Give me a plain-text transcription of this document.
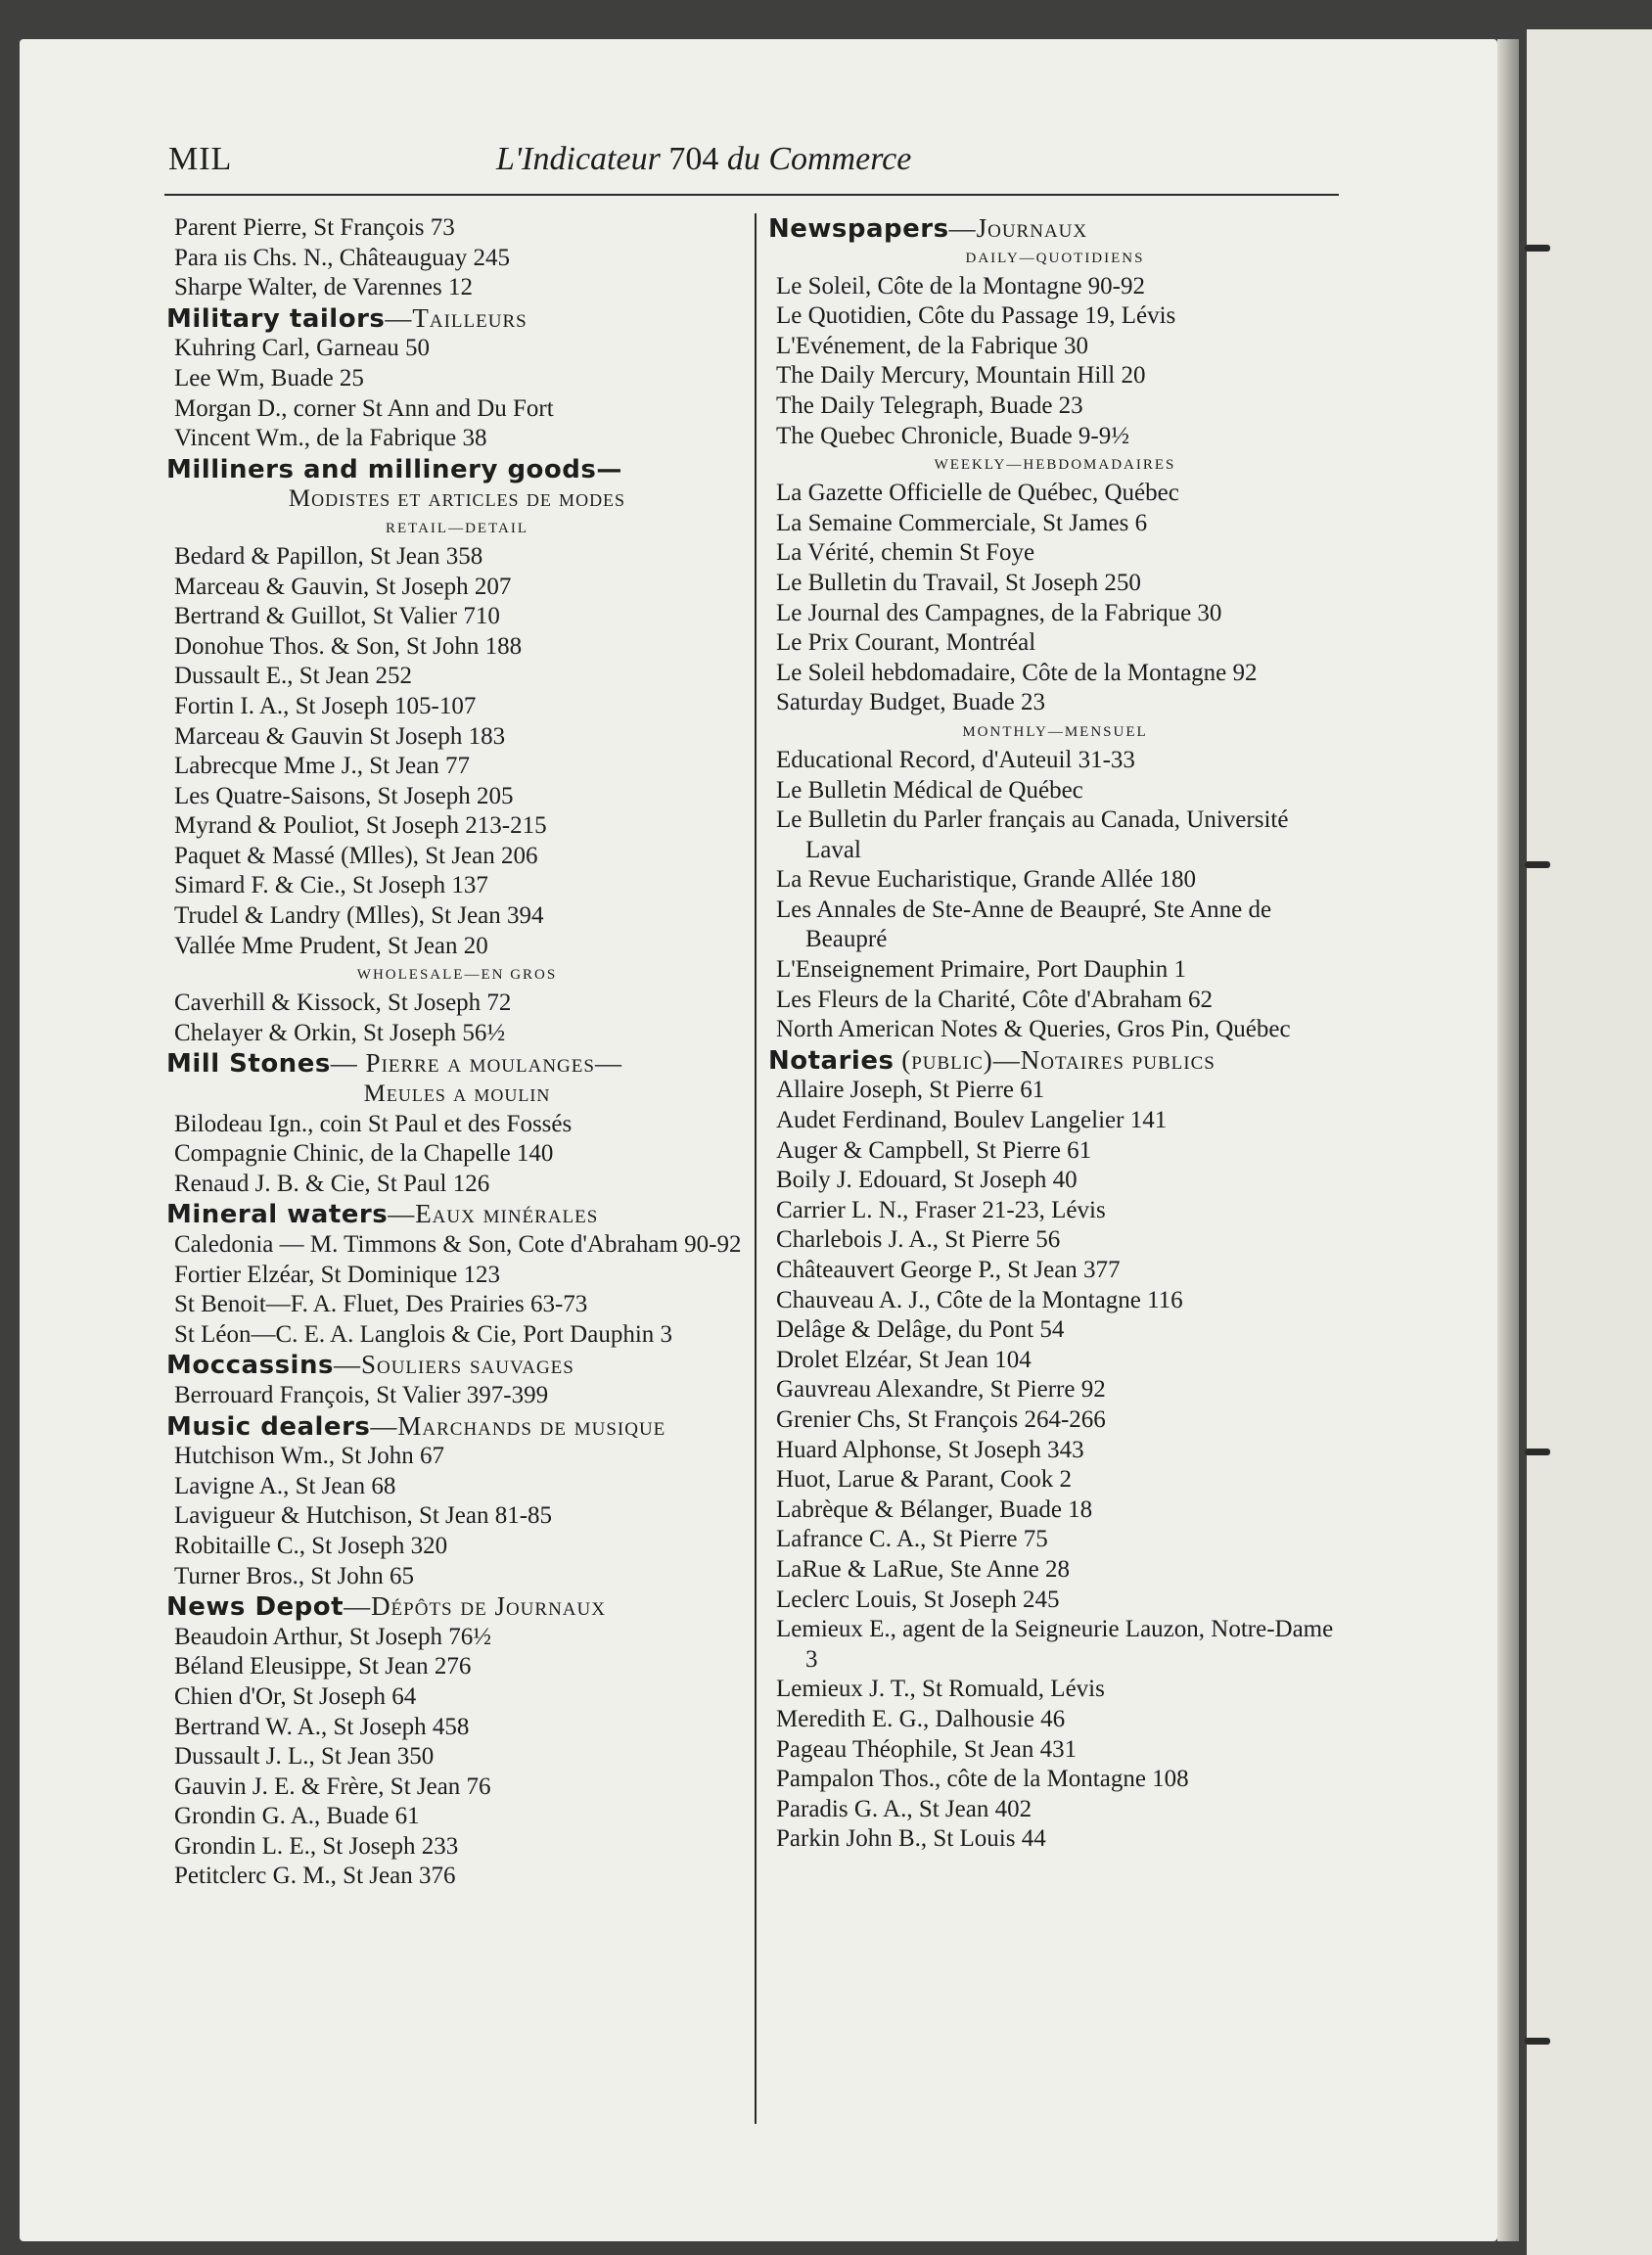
MIL	L'Indicateur 704 du Commerce
Parent Pierre, St François 73
Para ıis Chs. N., Châteauguay 245
Sharpe Walter, de Varennes 12
Military tailors—Tailleurs
Kuhring Carl, Garneau 50
Lee Wm, Buade 25
Morgan D., corner St Ann and Du Fort
Vincent Wm., de la Fabrique 38
Milliners and millinery goods—
Modistes et articles de modes
RETAIL—DETAIL
Bedard & Papillon, St Jean 358
Marceau & Gauvin, St Joseph 207
Bertrand & Guillot, St Valier 710
Donohue Thos. & Son, St John 188
Dussault E., St Jean 252
Fortin I. A., St Joseph 105-107
Marceau & Gauvin St Joseph 183
Labrecque Mme J., St Jean 77
Les Quatre-Saisons, St Joseph 205
Myrand & Pouliot, St Joseph 213-215
Paquet & Massé (Mlles), St Jean 206
Simard F. & Cie., St Joseph 137
Trudel & Landry (Mlles), St Jean 394
Vallée Mme Prudent, St Jean 20
WHOLESALE—EN GROS
Caverhill & Kissock, St Joseph 72
Chelayer & Orkin, St Joseph 56½
Mill Stones— Pierre a moulanges—
Meules a moulin
Bilodeau Ign., coin St Paul et des Fossés
Compagnie Chinic, de la Chapelle 140
Renaud J. B. & Cie, St Paul 126
Mineral waters—Eaux minérales
Caledonia — M. Timmons & Son, Cote d'Abraham 90-92
Fortier Elzéar, St Dominique 123
St Benoit—F. A. Fluet, Des Prairies 63-73
St Léon—C. E. A. Langlois & Cie, Port Dauphin 3
Moccassins—Souliers sauvages
Berrouard François, St Valier 397-399
Music dealers—Marchands de musique
Hutchison Wm., St John 67
Lavigne A., St Jean 68
Lavigueur & Hutchison, St Jean 81-85
Robitaille C., St Joseph 320
Turner Bros., St John 65
News Depot—Dépôts de Journaux
Beaudoin Arthur, St Joseph 76½
Béland Eleusippe, St Jean 276
Chien d'Or, St Joseph 64
Bertrand W. A., St Joseph 458
Dussault J. L., St Jean 350
Gauvin J. E. & Frère, St Jean 76
Grondin G. A., Buade 61
Grondin L. E., St Joseph 233
Petitclerc G. M., St Jean 376
Newspapers—Journaux
DAILY—QUOTIDIENS
Le Soleil, Côte de la Montagne 90-92
Le Quotidien, Côte du Passage 19, Lévis
L'Evénement, de la Fabrique 30
The Daily Mercury, Mountain Hill 20
The Daily Telegraph, Buade 23
The Quebec Chronicle, Buade 9-9½
WEEKLY—HEBDOMADAIRES
La Gazette Officielle de Québec, Québec
La Semaine Commerciale, St James 6
La Vérité, chemin St Foye
Le Bulletin du Travail, St Joseph 250
Le Journal des Campagnes, de la Fabrique 30
Le Prix Courant, Montréal
Le Soleil hebdomadaire, Côte de la Montagne 92
Saturday Budget, Buade 23
MONTHLY—MENSUEL
Educational Record, d'Auteuil 31-33
Le Bulletin Médical de Québec
Le Bulletin du Parler français au Canada, Université Laval
La Revue Eucharistique, Grande Allée 180
Les Annales de Ste-Anne de Beaupré, Ste Anne de Beaupré
L'Enseignement Primaire, Port Dauphin 1
Les Fleurs de la Charité, Côte d'Abraham 62
North American Notes & Queries, Gros Pin, Québec
Notaries (public)—Notaires publics
Allaire Joseph, St Pierre 61
Audet Ferdinand, Boulev Langelier 141
Auger & Campbell, St Pierre 61
Boily J. Edouard, St Joseph 40
Carrier L. N., Fraser 21-23, Lévis
Charlebois J. A., St Pierre 56
Châteauvert George P., St Jean 377
Chauveau A. J., Côte de la Montagne 116
Delâge & Delâge, du Pont 54
Drolet Elzéar, St Jean 104
Gauvreau Alexandre, St Pierre 92
Grenier Chs, St François 264-266
Huard Alphonse, St Joseph 343
Huot, Larue & Parant, Cook 2
Labrèque & Bélanger, Buade 18
Lafrance C. A., St Pierre 75
LaRue & LaRue, Ste Anne 28
Leclerc Louis, St Joseph 245
Lemieux E., agent de la Seigneurie Lauzon, Notre-Dame 3
Lemieux J. T., St Romuald, Lévis
Meredith E. G., Dalhousie 46
Pageau Théophile, St Jean 431
Pampalon Thos., côte de la Montagne 108
Paradis G. A., St Jean 402
Parkin John B., St Louis 44
